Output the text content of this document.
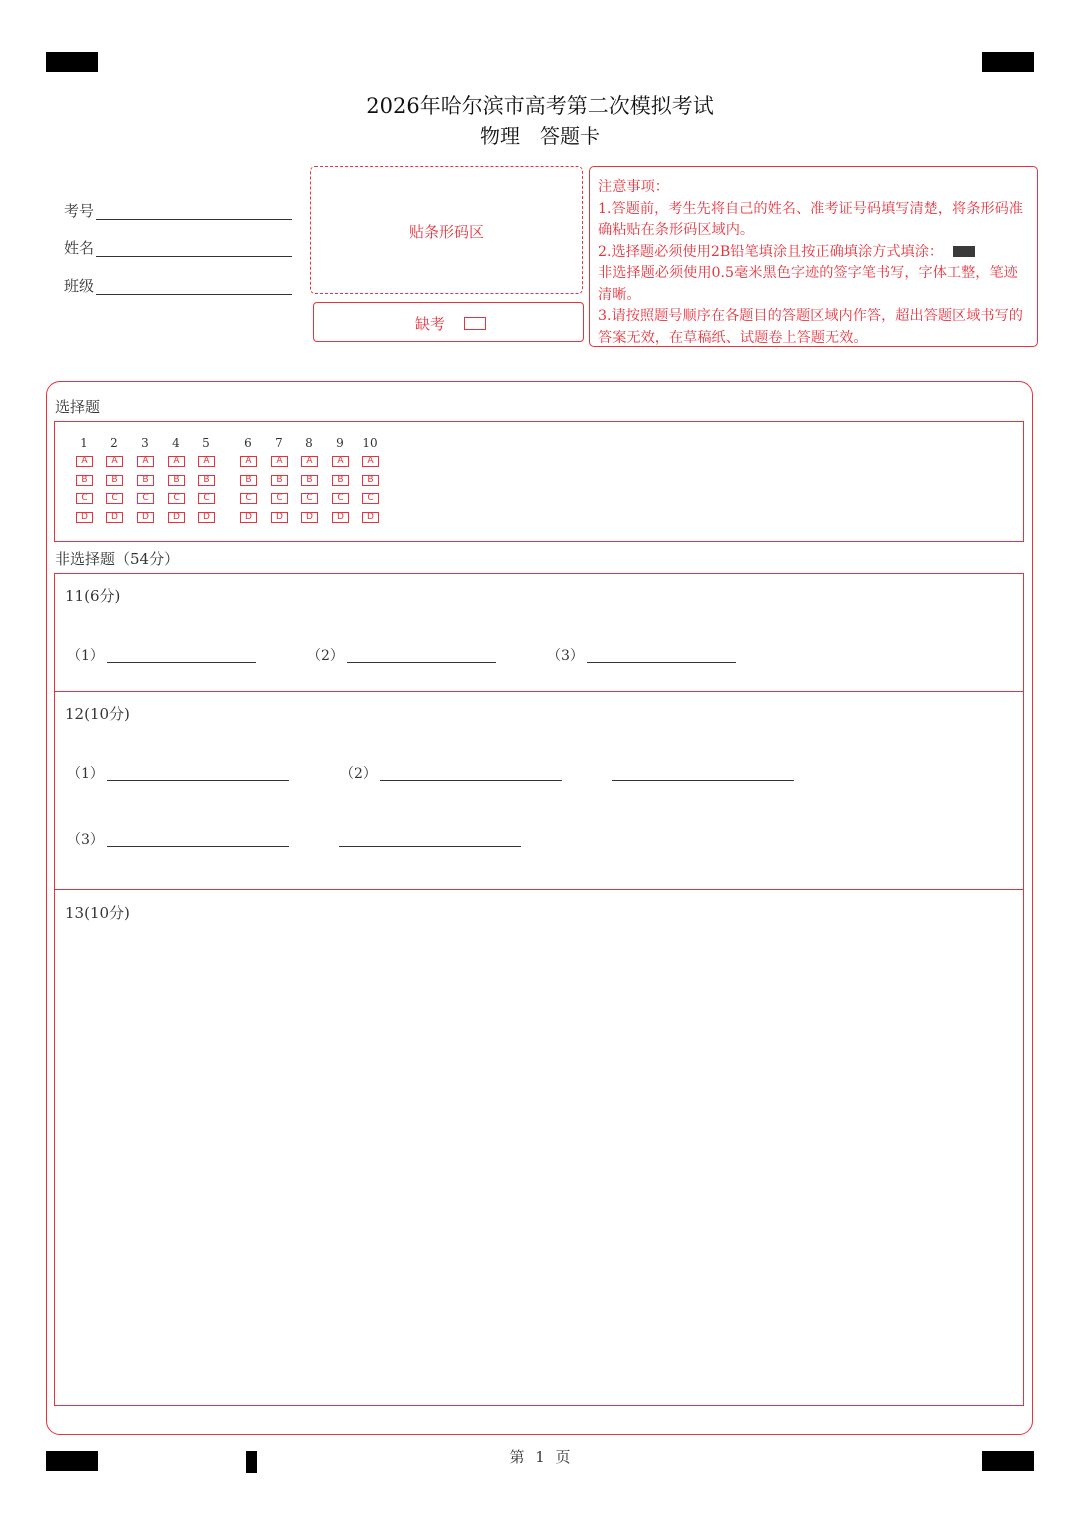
2026年哈尔滨市高考第二次模拟考试
物理　答题卡
考号
姓名
班级
贴条形码区
缺考

注意事项：

1.答题前，考生先将自己的姓名、准考证号码填写清楚，将条形码准确粘贴在条形码区域内。

2.选择题必须使用2B铅笔填涂且按正确填涂方式填涂：

非选择题必须使用0.5毫米黑色字迹的签字笔书写，字体工整，笔迹清晰。

3.请按照题号顺序在各题目的答题区域内作答，超出答题区域书写的答案无效，在草稿纸、试题卷上答题无效。

选择题
1
A
B
C
D
2
A
B
C
D
3
A
B
C
D
4
A
B
C
D
5
A
B
C
D
6
A
B
C
D
7
A
B
C
D
8
A
B
C
D
9
A
B
C
D
10
A
B
C
D
非选择题（54分）
11(6分)
（1）	（2）	（3）
12(10分)
（1）	（2）
（3）
13(10分)
第 1 页
